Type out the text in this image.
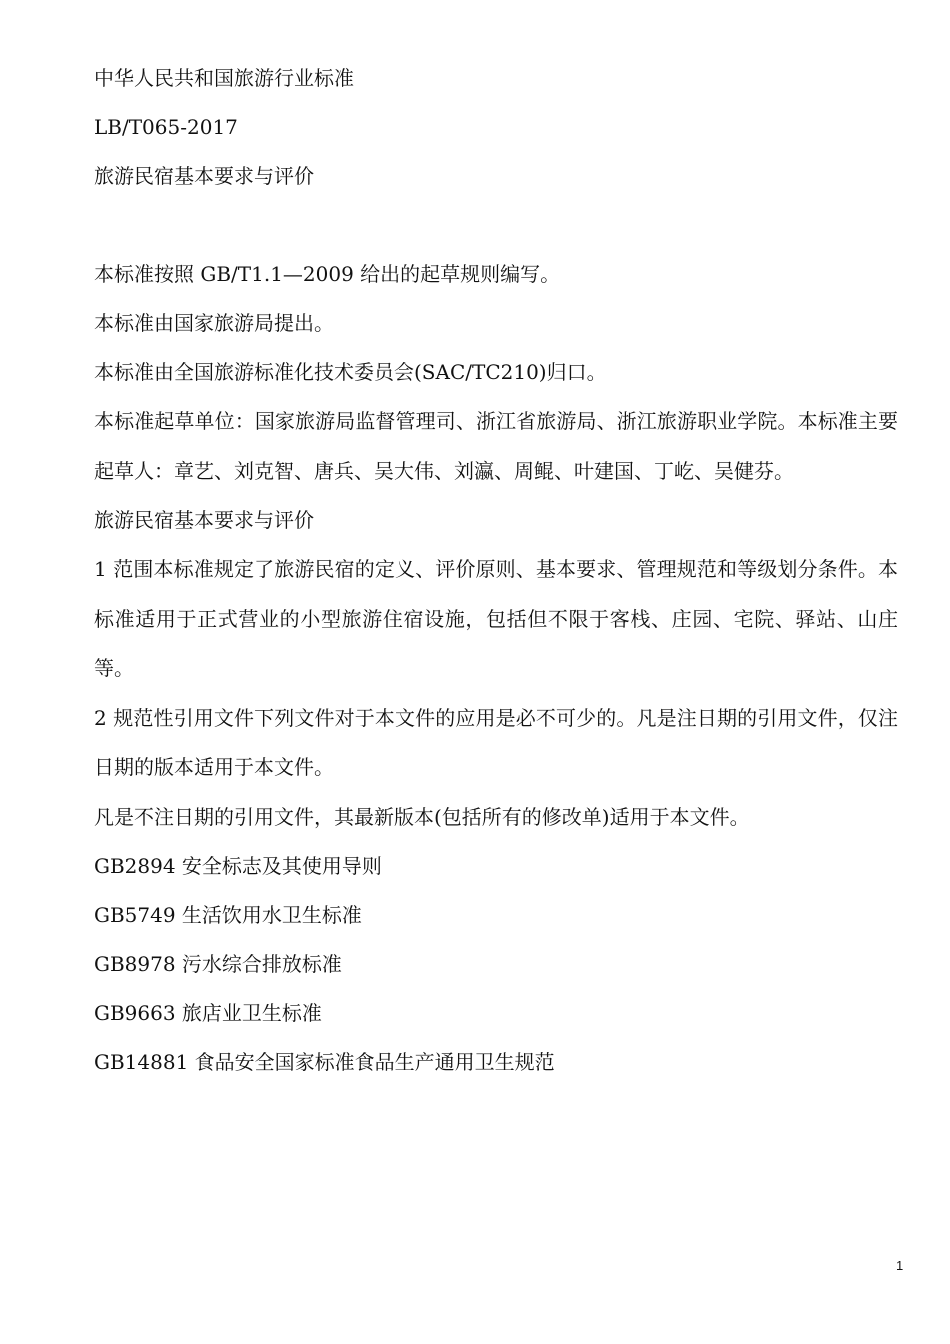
中华人民共和国旅游行业标准

LB/T065-2017

旅游民宿基本要求与评价

本标准按照 GB/T1.1—2009 给出的起草规则编写。

本标准由国家旅游局提出。

本标准由全国旅游标准化技术委员会(SAC/TC210)归口。

本标准起草单位：国家旅游局监督管理司、浙江省旅游局、浙江旅游职业学院。本标准主要起草人：章艺、刘克智、唐兵、吴大伟、刘瀛、周鲲、叶建国、丁屹、吴健芬。

旅游民宿基本要求与评价

1 范围本标准规定了旅游民宿的定义、评价原则、基本要求、管理规范和等级划分条件。本标准适用于正式营业的小型旅游住宿设施，包括但不限于客栈、庄园、宅院、驿站、山庄等。

2 规范性引用文件下列文件对于本文件的应用是必不可少的。凡是注日期的引用文件，仅注日期的版本适用于本文件。

凡是不注日期的引用文件，其最新版本(包括所有的修改单)适用于本文件。

GB2894 安全标志及其使用导则

GB5749 生活饮用水卫生标准

GB8978 污水综合排放标准

GB9663 旅店业卫生标准

GB14881 食品安全国家标准食品生产通用卫生规范

1
